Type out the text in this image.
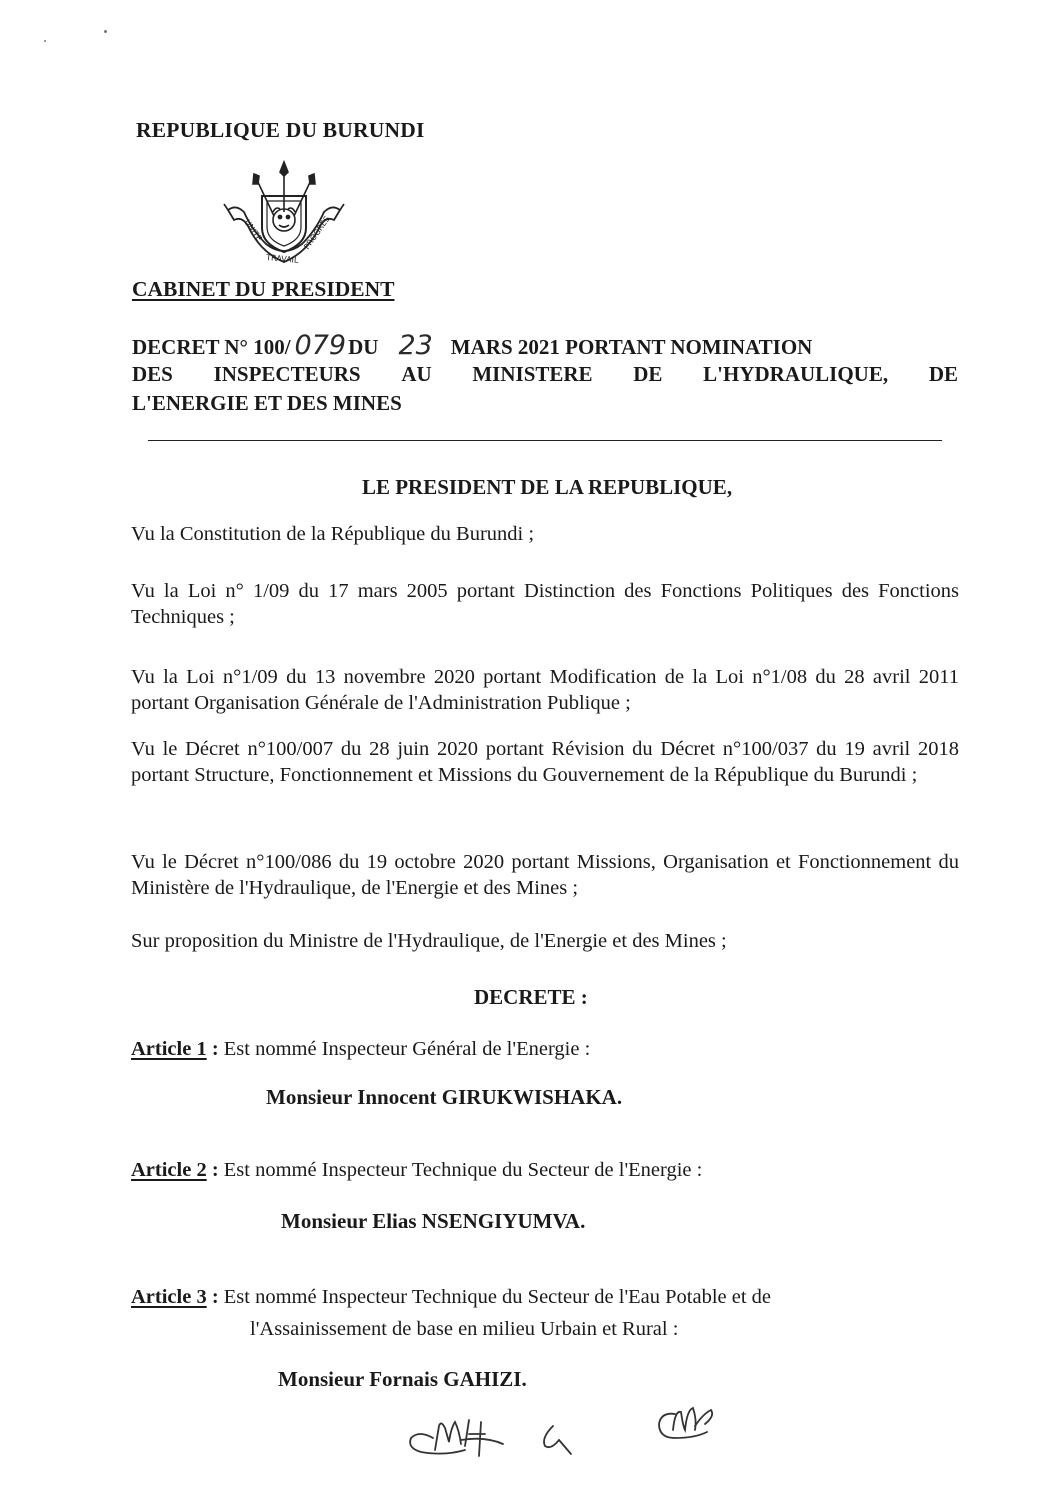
REPUBLIQUE DU BURUNDI
UNITE
TRAVAIL
PROGRES
CABINET DU PRESIDENT
DECRET N° 100/ 079DU 23 MARS 2021 PORTANT NOMINATION
DES INSPECTEURS AU MINISTERE DE L'HYDRAULIQUE, DE
L'ENERGIE ET DES MINES
LE PRESIDENT DE LA REPUBLIQUE,
Vu la Constitution de la République du Burundi ;
Vu la Loi n° 1/09 du 17 mars 2005 portant Distinction des Fonctions Politiques des Fonctions Techniques ;
Vu la Loi n°1/09 du 13 novembre 2020 portant Modification de la Loi n°1/08 du 28 avril 2011 portant Organisation Générale de l'Administration Publique ;
Vu le Décret n°100/007 du 28 juin 2020 portant Révision du Décret n°100/037 du 19 avril 2018 portant Structure, Fonctionnement et Missions du Gouvernement de la République du Burundi ;
Vu le Décret n°100/086 du 19 octobre 2020 portant Missions, Organisation et Fonctionnement du Ministère de l'Hydraulique, de l'Energie et des Mines ;
Sur proposition du Ministre de l'Hydraulique, de l'Energie et des Mines ;
DECRETE :
Article 1 : Est nommé Inspecteur Général de l'Energie :
Monsieur Innocent GIRUKWISHAKA.
Article 2 : Est nommé Inspecteur Technique du Secteur de l'Energie :
Monsieur Elias NSENGIYUMVA.
Article 3 : Est nommé Inspecteur Technique du Secteur de l'Eau Potable et de
l'Assainissement de base en milieu Urbain et Rural :
Monsieur Fornais GAHIZI.
